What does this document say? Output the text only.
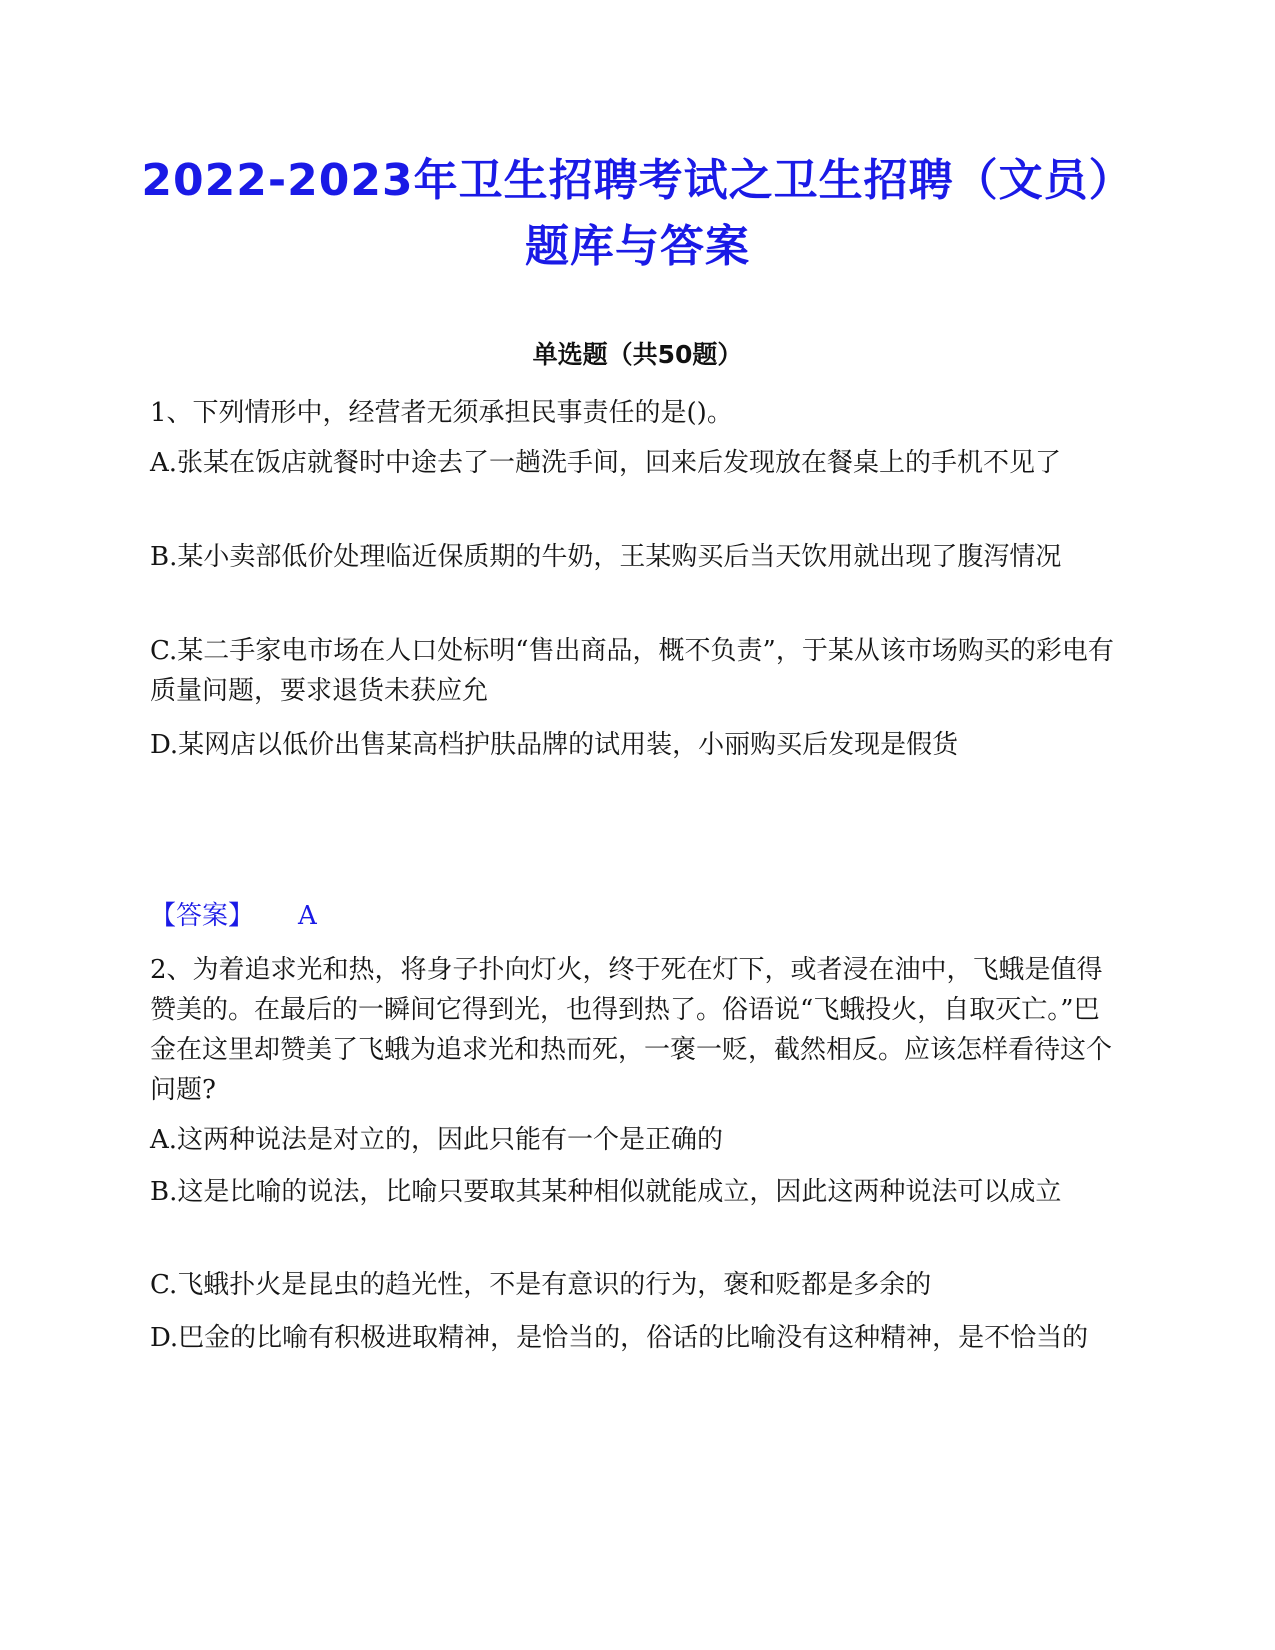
2022-2023年卫生招聘考试之卫生招聘（文员）题库与答案
单选题（共50题）

1、下列情形中，经营者无须承担民事责任的是()。

A.张某在饭店就餐时中途去了一趟洗手间，回来后发现放在餐桌上的手机不见了

B.某小卖部低价处理临近保质期的牛奶，王某购买后当天饮用就出现了腹泻情况

C.某二手家电市场在人口处标明“售出商品，概不负责”，于某从该市场购买的彩电有质量问题，要求退货未获应允

D.某网店以低价出售某高档护肤品牌的试用装，小丽购买后发现是假货

【答案】 A

2、为着追求光和热，将身子扑向灯火，终于死在灯下，或者浸在油中，飞蛾是值得赞美的。在最后的一瞬间它得到光，也得到热了。俗语说“飞蛾投火，自取灭亡。”巴金在这里却赞美了飞蛾为追求光和热而死，一褒一贬，截然相反。应该怎样看待这个问题?

A.这两种说法是对立的，因此只能有一个是正确的

B.这是比喻的说法，比喻只要取其某种相似就能成立，因此这两种说法可以成立

C.飞蛾扑火是昆虫的趋光性，不是有意识的行为，褒和贬都是多余的

D.巴金的比喻有积极进取精神，是恰当的，俗话的比喻没有这种精神，是不恰当的
